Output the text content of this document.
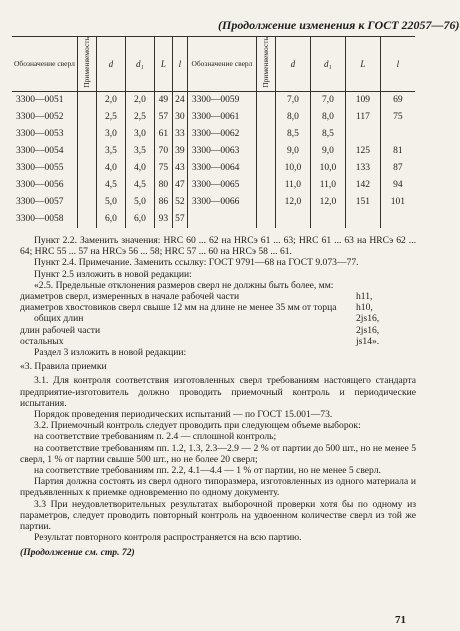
(Продолжение изменения к ГОСТ 22057—76)
Обозначение сверл	Применяемость	d	d₁	L	l	Обозначение сверл	Применяемость	d	d₁	L	l
3300—0051		2,0	2,0	49	24	3300—0059		7,0	7,0	109	69
3300—0052		2,5	2,5	57	30	3300—0061		8,0	8,0	117	75
3300—0053		3,0	3,0	61	33	3300—0062		8,5	8,5		
3300—0054		3,5	3,5	70	39	3300—0063		9,0	9,0	125	81
3300—0055		4,0	4,0	75	43	3300—0064		10,0	10,0	133	87
3300—0056		4,5	4,5	80	47	3300—0065		11,0	11,0	142	94
3300—0057		5,0	5,0	86	52	3300—0066		12,0	12,0	151	101
3300—0058		6,0	6,0	93	57						

Пункт 2.2. Заменить значения: HRC 60 ... 62 на HRCэ 61 ... 63; HRC 61 ... 63 на HRCэ 62 ... 64; HRC 55 ... 57 на HRCэ 56 ... 58; HRC 57 ... 60 на HRCэ 58 ... 61.

Пункт 2.4. Примечание. Заменить ссылку: ГОСТ 9791—68 на ГОСТ 9.073—77.

Пункт 2.5 изложить в новой редакции:

«2.5. Предельные отклонения размеров сверл не должны быть более, мм:

диаметров сверл, измеренных в начале рабочей части	h11,
диаметров хвостовиков сверл свыше 12 мм на длине не менее 35 мм от торца	h10,
общих длин	2js16,
длин рабочей части	2js16,
остальных	js14».

Раздел 3 изложить в новой редакции:

«3. Правила приемки

3.1. Для контроля соответствия изготовленных сверл требованиям настоящего стандарта предприятие-изготовитель должно проводить приемочный контроль и периодические испытания.

Порядок проведения периодических испытаний — по ГОСТ 15.001—73.

3.2. Приемочный контроль следует проводить при следующем объеме выборок:

на соответствие требованиям п. 2.4 — сплошной контроль;

на соответствие требованиям пп. 1.2, 1.3, 2.3—2.9 — 2 % от партии до 500 шт., но не менее 5 сверл, 1 % от партии свыше 500 шт., но не более 20 сверл;

на соответствие требованиям пп. 2.2, 4.1—4.4 — 1 % от партии, но не менее 5 сверл.

Партия должна состоять из сверл одного типоразмера, изготовленных из одного материала и предъявленных к приемке одновременно по одному документу.

3.3 При неудовлетворительных результатах выборочной проверки хотя бы по одному из параметров, следует проводить повторный контроль на удвоенном количестве сверл из той же партии.

Результат повторного контроля распространяется на всю партию.

(Продолжение см. стр. 72)

71
